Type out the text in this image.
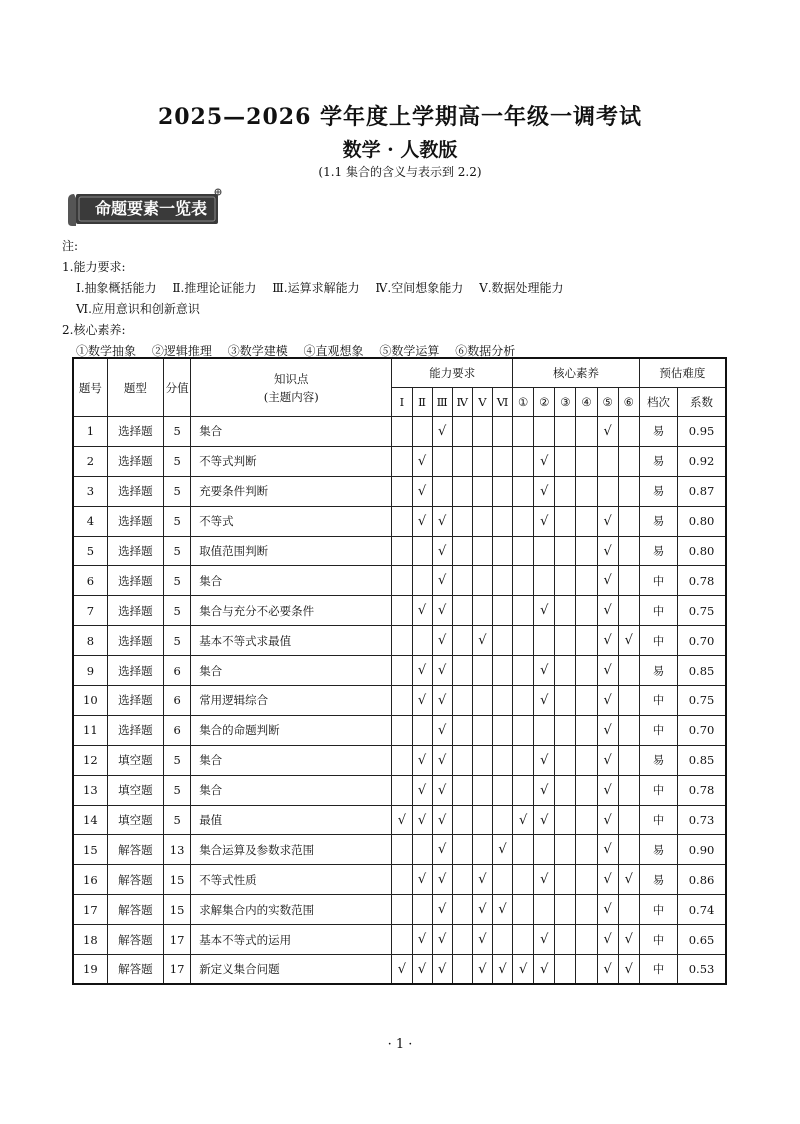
2025—2026 学年度上学期高一年级一调考试
数学 · 人教版
(1.1 集合的含义与表示到 2.2)
命题要素一览表
注:
1.能力要求:
Ⅰ.抽象概括能力 Ⅱ.推理论证能力 Ⅲ.运算求解能力 Ⅳ.空间想象能力 Ⅴ.数据处理能力
Ⅵ.应用意识和创新意识
2.核心素养:
①数学抽象 ②逻辑推理 ③数学建模 ④直观想象 ⑤数学运算 ⑥数据分析
题号	题型	分值	知识点
(主题内容)	能力要求						核心素养						预估难度	
				Ⅰ	Ⅱ	Ⅲ	Ⅳ	Ⅴ	Ⅵ	①	②	③	④	⑤	⑥	档次	系数
1	选择题	5	集合			√								√		易	0.95
2	选择题	5	不等式判断		√						√					易	0.92
3	选择题	5	充要条件判断		√						√					易	0.87
4	选择题	5	不等式		√	√					√			√		易	0.80
5	选择题	5	取值范围判断			√								√		易	0.80
6	选择题	5	集合			√								√		中	0.78
7	选择题	5	集合与充分不必要条件		√	√					√			√		中	0.75
8	选择题	5	基本不等式求最值			√		√						√	√	中	0.70
9	选择题	6	集合		√	√					√			√		易	0.85
10	选择题	6	常用逻辑综合		√	√					√			√		中	0.75
11	选择题	6	集合的命题判断			√								√		中	0.70
12	填空题	5	集合		√	√					√			√		易	0.85
13	填空题	5	集合		√	√					√			√		中	0.78
14	填空题	5	最值	√	√	√				√	√			√		中	0.73
15	解答题	13	集合运算及参数求范围			√			√					√		易	0.90
16	解答题	15	不等式性质		√	√		√			√			√	√	易	0.86
17	解答题	15	求解集合内的实数范围			√		√	√					√		中	0.74
18	解答题	17	基本不等式的运用		√	√		√			√			√	√	中	0.65
19	解答题	17	新定义集合问题	√	√	√		√	√	√	√			√	√	中	0.53
· 1 ·
